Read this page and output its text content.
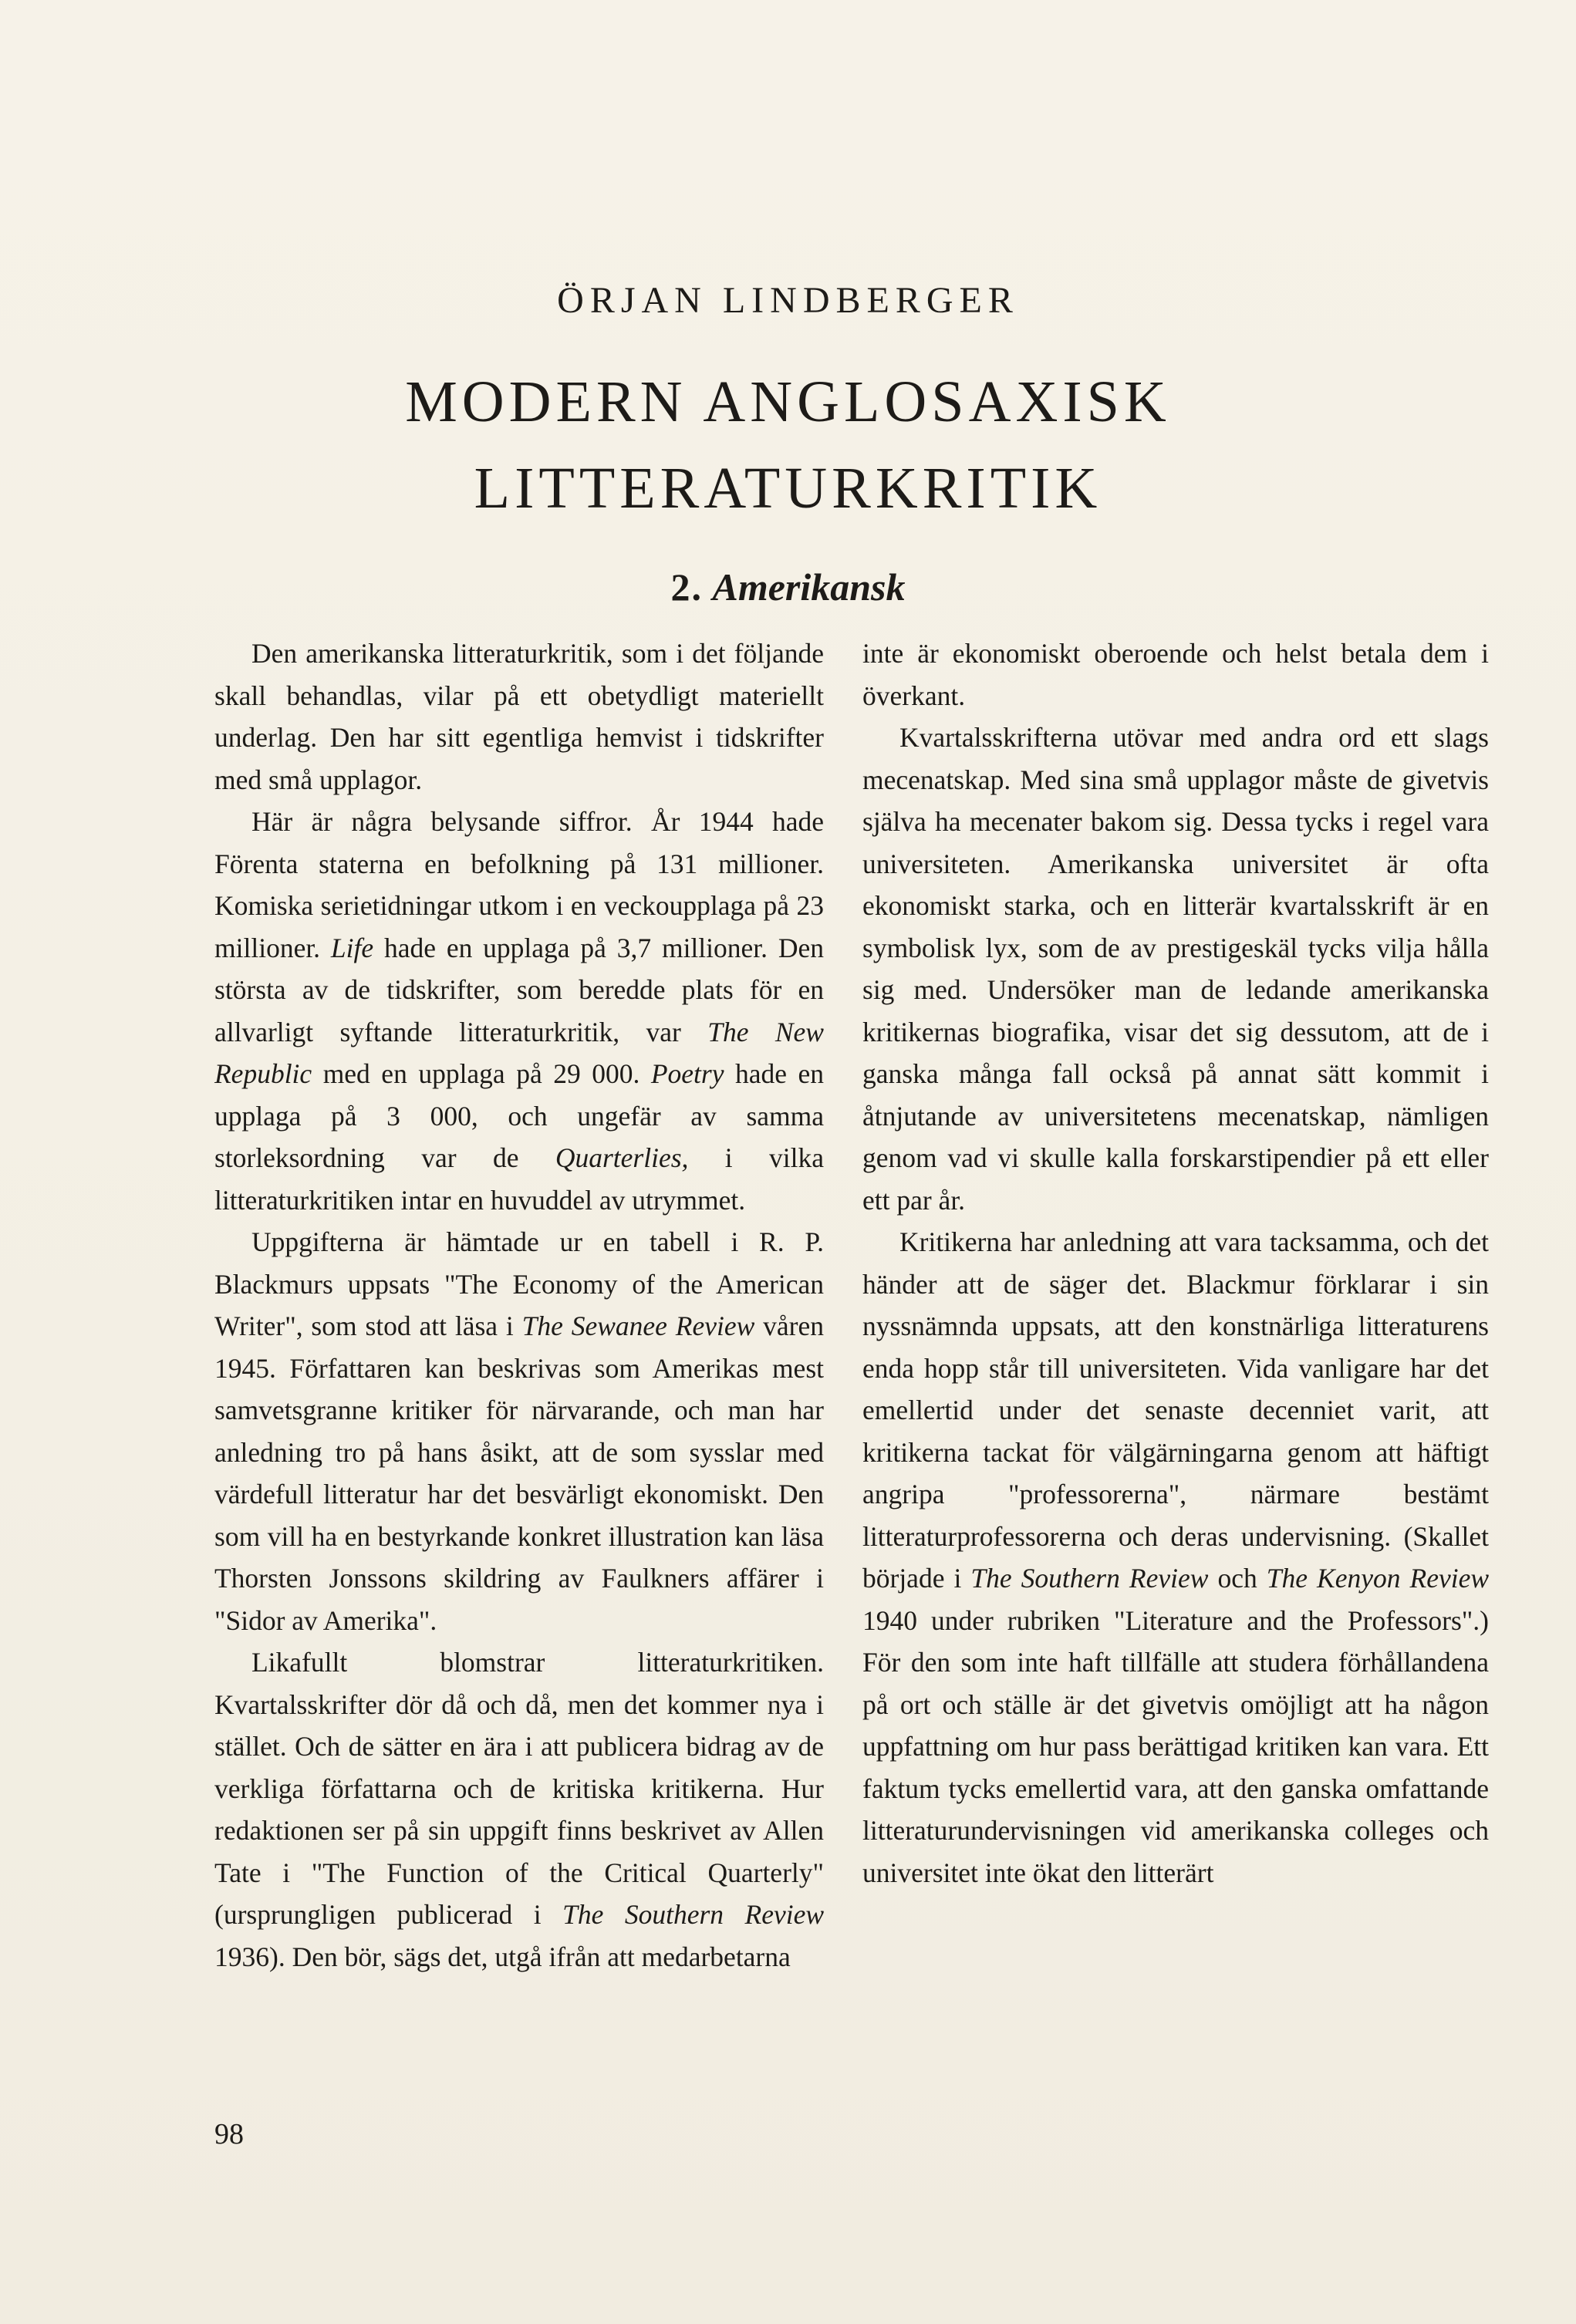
ÖRJAN LINDBERGER
MODERN ANGLOSAXISK
LITTERATURKRITIK
2. Amerikansk

Den amerikanska litteraturkritik, som i det följande skall behandlas, vilar på ett obetydligt materiellt underlag. Den har sitt egentliga hemvist i tidskrifter med små upplagor.

Här är några belysande siffror. År 1944 hade Förenta staterna en befolkning på 131 millioner. Komiska serietidningar utkom i en veckoupplaga på 23 millioner. Life hade en upplaga på 3,7 millioner. Den största av de tidskrifter, som beredde plats för en allvarligt syftande litteraturkritik, var The New Republic med en upplaga på 29 000. Poetry hade en upplaga på 3 000, och ungefär av samma storleksordning var de Quarterlies, i vilka litteraturkritiken intar en huvuddel av utrymmet.

Uppgifterna är hämtade ur en tabell i R. P. Blackmurs uppsats "The Economy of the American Writer", som stod att läsa i The Sewanee Review våren 1945. Författaren kan beskrivas som Amerikas mest samvetsgranne kritiker för närvarande, och man har anledning tro på hans åsikt, att de som sysslar med värdefull litteratur har det besvärligt ekonomiskt. Den som vill ha en bestyrkande konkret illustration kan läsa Thorsten Jonssons skildring av Faulkners affärer i "Sidor av Amerika".

Likafullt blomstrar litteraturkritiken. Kvartalsskrifter dör då och då, men det kommer nya i stället. Och de sätter en ära i att publicera bidrag av de verkliga författarna och de kritiska kritikerna. Hur redaktionen ser på sin uppgift finns beskrivet av Allen Tate i "The Function of the Critical Quarterly" (ursprungligen publicerad i The Southern Review 1936). Den bör, sägs det, utgå ifrån att medarbetarna

inte är ekonomiskt oberoende och helst betala dem i överkant.

Kvartalsskrifterna utövar med andra ord ett slags mecenatskap. Med sina små upplagor måste de givetvis själva ha mecenater bakom sig. Dessa tycks i regel vara universiteten. Amerikanska universitet är ofta ekonomiskt starka, och en litterär kvartalsskrift är en symbolisk lyx, som de av prestigeskäl tycks vilja hålla sig med. Undersöker man de ledande amerikanska kritikernas biografika, visar det sig dessutom, att de i ganska många fall också på annat sätt kommit i åtnjutande av universitetens mecenatskap, nämligen genom vad vi skulle kalla forskarstipendier på ett eller ett par år.

Kritikerna har anledning att vara tacksamma, och det händer att de säger det. Blackmur förklarar i sin nyssnämnda uppsats, att den konstnärliga litteraturens enda hopp står till universiteten. Vida vanligare har det emellertid under det senaste decenniet varit, att kritikerna tackat för välgärningarna genom att häftigt angripa "professorerna", närmare bestämt litteraturprofessorerna och deras undervisning. (Skallet började i The Southern Review och The Kenyon Review 1940 under rubriken "Literature and the Professors".) För den som inte haft tillfälle att studera förhållandena på ort och ställe är det givetvis omöjligt att ha någon uppfattning om hur pass berättigad kritiken kan vara. Ett faktum tycks emellertid vara, att den ganska omfattande litteraturundervisningen vid amerikanska colleges och universitet inte ökat den litterärt

98
